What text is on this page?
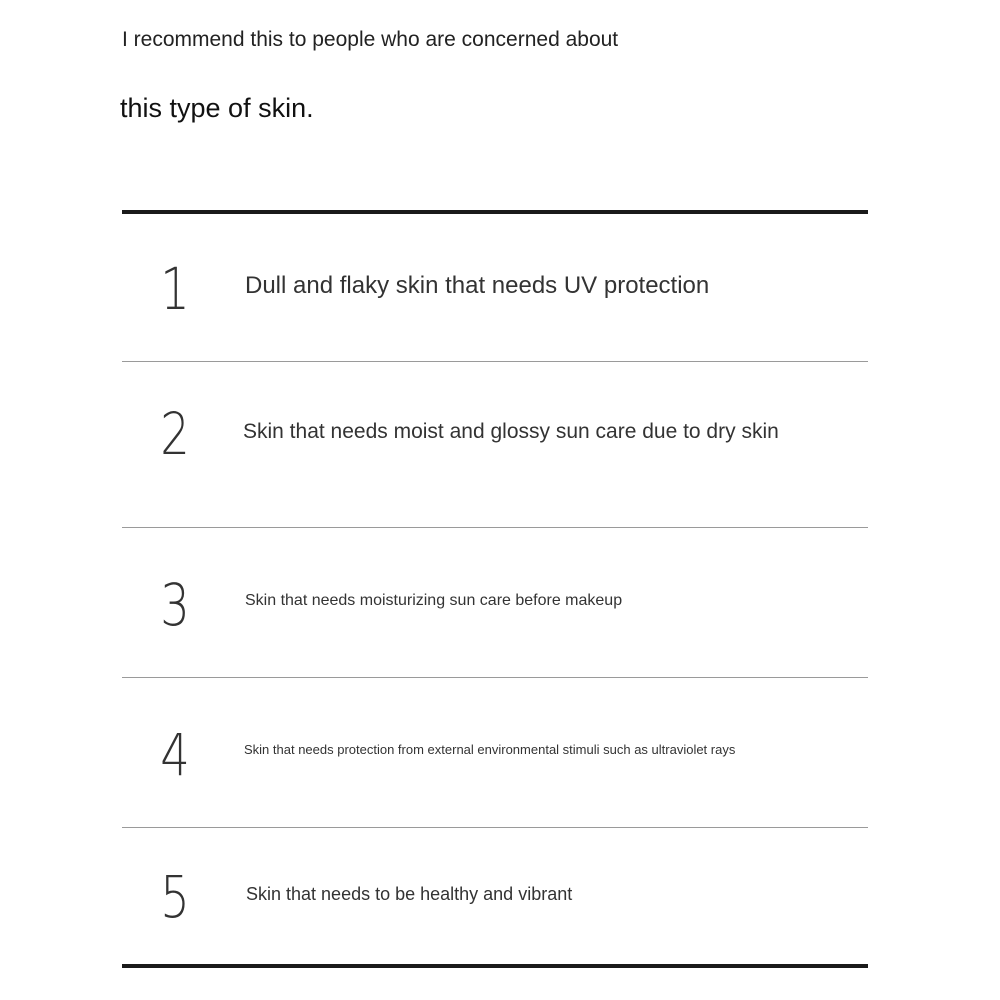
I recommend this to people who are concerned about
this type of skin.
1	Dull and flaky skin that needs UV protection
2	Skin that needs moist and glossy sun care due to dry skin
3	Skin that needs moisturizing sun care before makeup
4	Skin that needs protection from external environmental stimuli such as ultraviolet rays
5	Skin that needs to be healthy and vibrant
